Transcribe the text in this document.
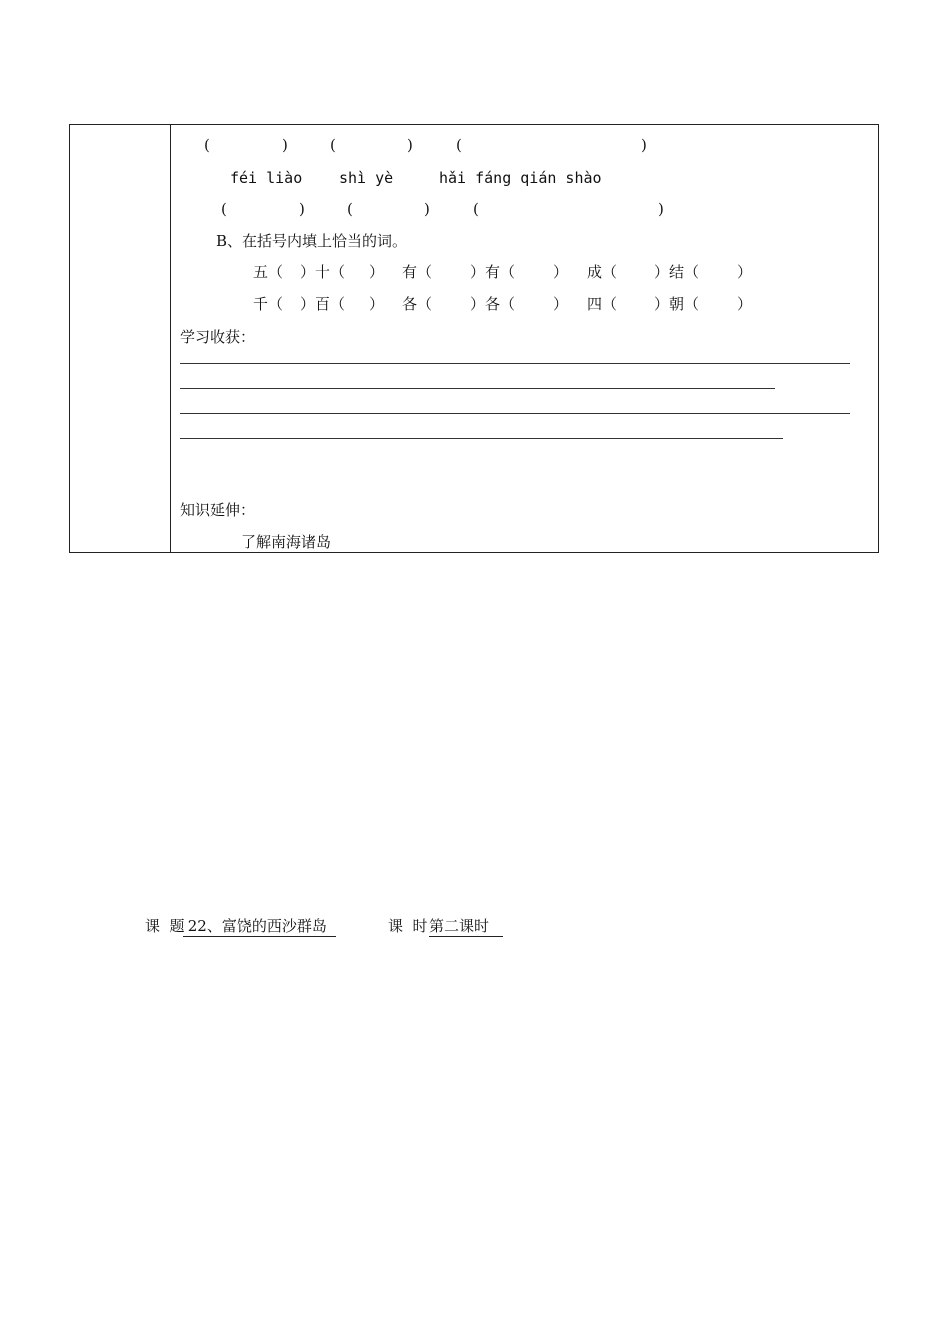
(	)	(	)	(	)
féi liào shì yè	hǎi fáng qián shào
(	)	(	)	(	)
B、在括号内填上恰当的词。
五（ ）十（ ） 有（	）有（	） 成（ ）结（	）
千（ ）百（ ） 各（	）各（	） 四（ ）朝（	）
学习收获：
知识延伸：
了解南海诸岛
课  题
22、富饶的西沙群岛	课  时 第二课时
